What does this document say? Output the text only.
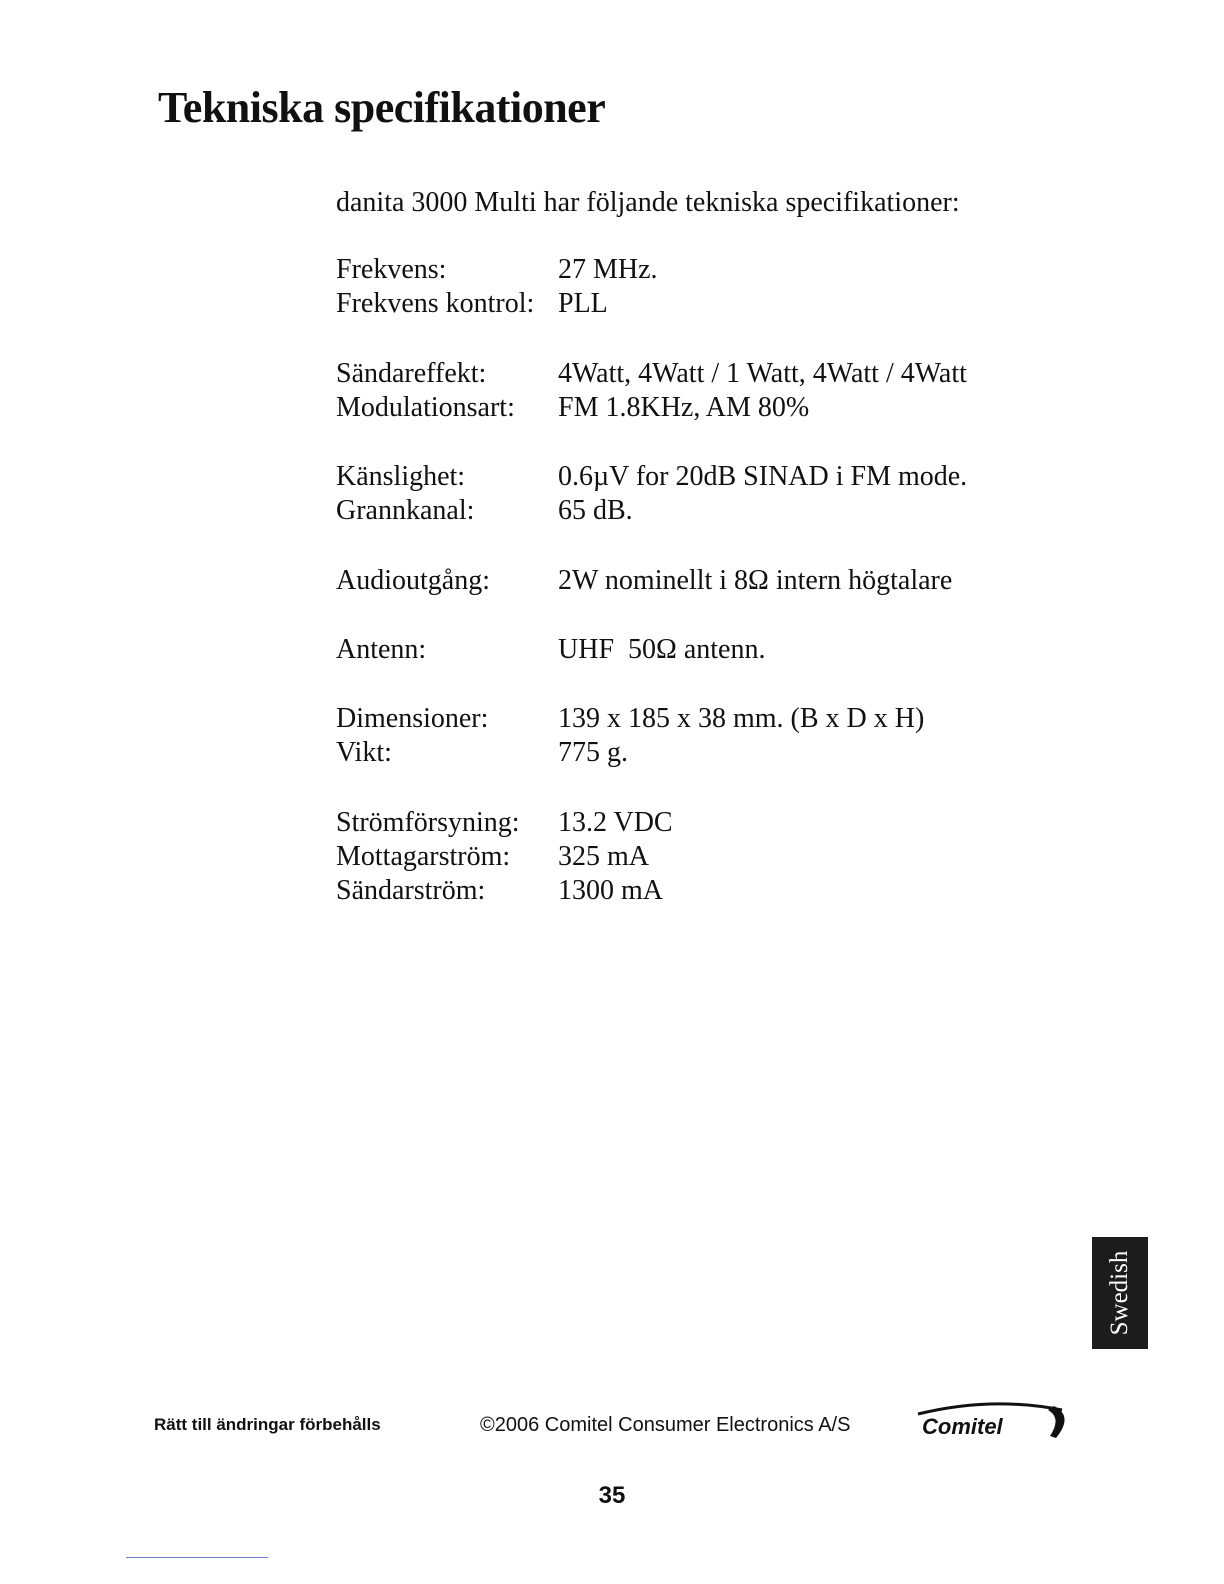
Tekniska specifikationer
danita 3000 Multi har följande tekniska specifikationer:
Frekvens:	27 MHz.
Frekvens kontrol: PLL
Sändareffekt:	4Watt, 4Watt / 1 Watt, 4Watt / 4Watt
Modulationsart: FM 1.8KHz, AM 80%
Känslighet:	0.6µV for 20dB SINAD i FM mode.
Grannkanal:	65 dB.
Audioutgång: 2W nominellt i 8Ω intern högtalare
Antenn:	UHF  50Ω antenn.
Dimensioner: 139 x 185 x 38 mm. (B x D x H)
Vikt:	775 g.
Strömförsyning: 13.2 VDC
Mottagarström: 325 mA
Sändarström:	1300 mA
Swedish
Rätt till ändringar förbehålls	©2006 Comitel Consumer Electronics A/S	Comitel
35
